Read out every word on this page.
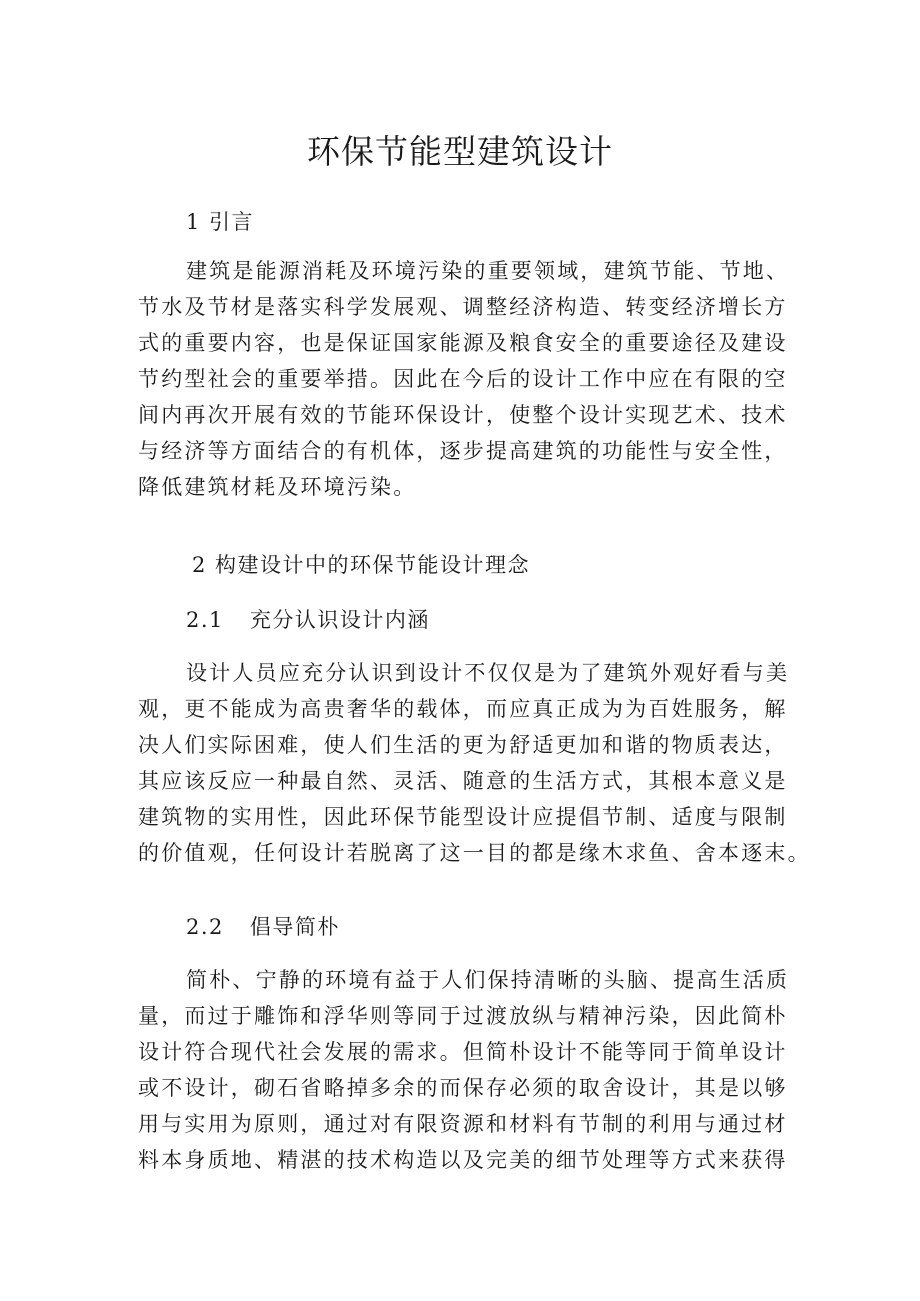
环保节能型建筑设计
1 引言
建筑是能源消耗及环境污染的重要领域，建筑节能、节地、
节水及节材是落实科学发展观、调整经济构造、转变经济增长方
式的重要内容，也是保证国家能源及粮食安全的重要途径及建设
节约型社会的重要举措。因此在今后的设计工作中应在有限的空
间内再次开展有效的节能环保设计，使整个设计实现艺术、技术
与经济等方面结合的有机体，逐步提高建筑的功能性与安全性，
降低建筑材耗及环境污染。
2 构建设计中的环保节能设计理念
2.1 充分认识设计内涵
设计人员应充分认识到设计不仅仅是为了建筑外观好看与美
观，更不能成为高贵奢华的载体，而应真正成为为百姓服务，解
决人们实际困难，使人们生活的更为舒适更加和谐的物质表达，
其应该反应一种最自然、灵活、随意的生活方式，其根本意义是
建筑物的实用性，因此环保节能型设计应提倡节制、适度与限制
的价值观，任何设计若脱离了这一目的都是缘木求鱼、舍本逐末。
2.2 倡导简朴
简朴、宁静的环境有益于人们保持清晰的头脑、提高生活质
量，而过于雕饰和浮华则等同于过渡放纵与精神污染，因此简朴
设计符合现代社会发展的需求。但简朴设计不能等同于简单设计
或不设计，砌石省略掉多余的而保存必须的取舍设计，其是以够
用与实用为原则，通过对有限资源和材料有节制的利用与通过材
料本身质地、精湛的技术构造以及完美的细节处理等方式来获得
